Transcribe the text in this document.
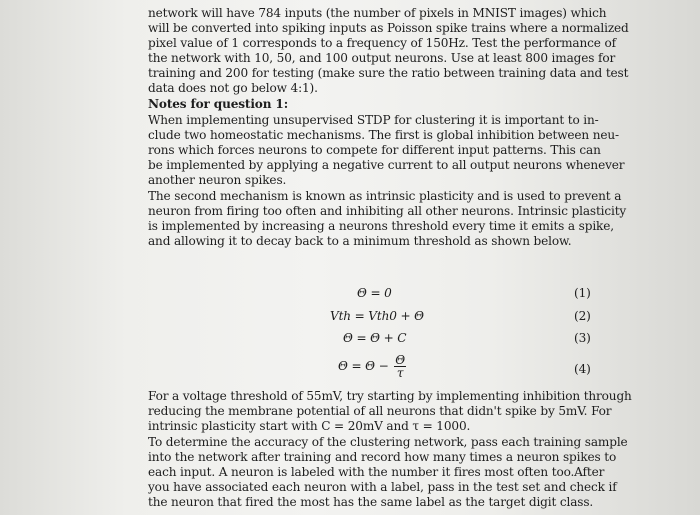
network will have 784 inputs (the number of pixels in MNIST images) which
will be converted into spiking inputs as Poisson spike trains where a normalized
pixel value of 1 corresponds to a frequency of 150Hz. Test the performance of
the network with 10, 50, and 100 output neurons. Use at least 800 images for
training and 200 for testing (make sure the ratio between training data and test
data does not go below 4:1).
Notes for question 1:
When implementing unsupervised STDP for clustering it is important to in-
clude two homeostatic mechanisms. The first is global inhibition between neu-
rons which forces neurons to compete for different input patterns. This can
be implemented by applying a negative current to all output neurons whenever
another neuron spikes.
The second mechanism is known as intrinsic plasticity and is used to prevent a
neuron from firing too often and inhibiting all other neurons. Intrinsic plasticity
is implemented by increasing a neurons threshold every time it emits a spike,
and allowing it to decay back to a minimum threshold as shown below.
Θ = 0	(1)
Vth = Vth0 + Θ	(2)
Θ = Θ + C	(3)
$\Theta = \Theta - \frac{\Theta}{\tau}$	(4)
For a voltage threshold of 55mV, try starting by implementing inhibition through
reducing the membrane potential of all neurons that didn't spike by 5mV. For
intrinsic plasticity start with C = 20mV and τ = 1000.
To determine the accuracy of the clustering network, pass each training sample
into the network after training and record how many times a neuron spikes to
each input. A neuron is labeled with the number it fires most often too.After
you have associated each neuron with a label, pass in the test set and check if
the neuron that fired the most has the same label as the target digit class.
